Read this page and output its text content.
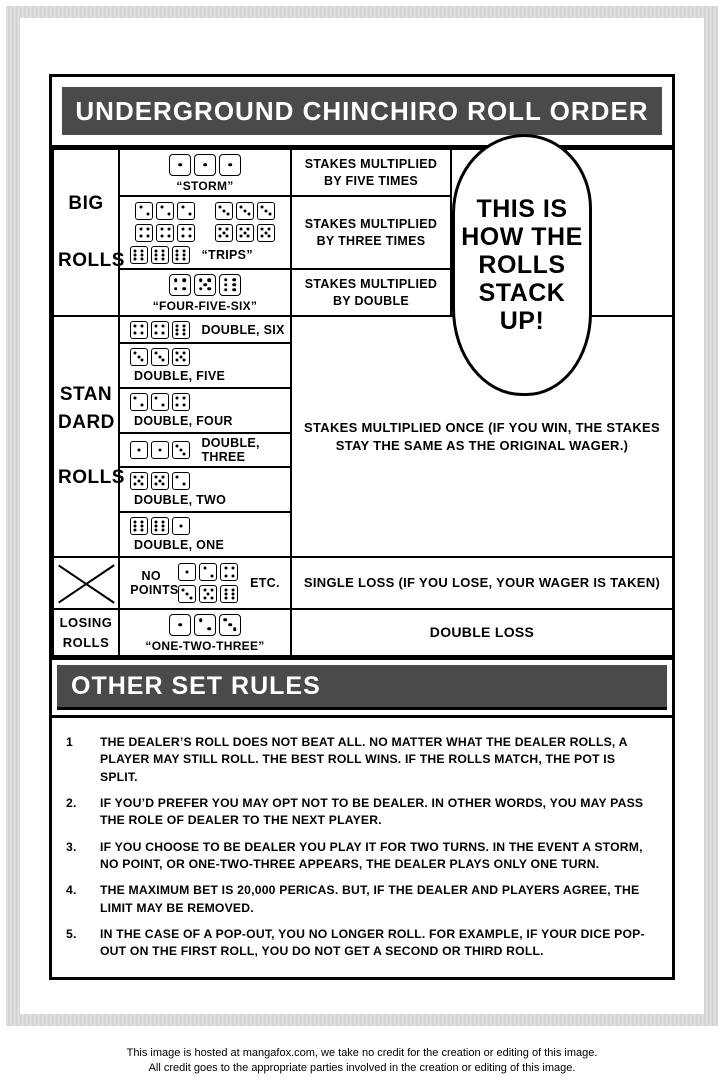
UNDERGROUND CHINCHIRO ROLL ORDER
BIG
ROLLS	“STORM”	STAKES MULTIPLIED BY FIVE TIMES	

“TRIPS”	STAKES MULTIPLIED BY THREE TIMES	

	“FOUR-FIVE-SIX”	STAKES MULTIPLIED BY DOUBLE	

STAN
DARD
ROLLS	DOUBLE, SIX	STAKES MULTIPLIED ONCE (IF YOU WIN, THE STAKES STAY THE SAME AS THE ORIGINAL WAGER.)	

DOUBLE, FIVE		

DOUBLE, FOUR		

DOUBLE, THREE		

DOUBLE, TWO		

DOUBLE, ONE		

	NO POINTS ETC.	SINGLE LOSS (IF YOU LOSE, YOUR WAGER IS TAKEN)	

LOSING
ROLLS	“ONE-TWO-THREE”	DOUBLE LOSS	
OTHER SET RULES
1	THE DEALER’S ROLL DOES NOT BEAT ALL. NO MATTER WHAT THE DEALER ROLLS, A PLAYER MAY STILL ROLL. THE BEST ROLL WINS. IF THE ROLLS MATCH, THE POT IS SPLIT.
2.	IF YOU’D PREFER YOU MAY OPT NOT TO BE DEALER. IN OTHER WORDS, YOU MAY PASS THE ROLE OF DEALER TO THE NEXT PLAYER.
3.	IF YOU CHOOSE TO BE DEALER YOU PLAY IT FOR TWO TURNS. IN THE EVENT A STORM, NO POINT, OR ONE-TWO-THREE APPEARS, THE DEALER PLAYS ONLY ONE TURN.
4.	THE MAXIMUM BET IS 20,000 PERICAS. BUT, IF THE DEALER AND PLAYERS AGREE, THE LIMIT MAY BE REMOVED.
5.	IN THE CASE OF A POP-OUT, YOU NO LONGER ROLL. FOR EXAMPLE, IF YOUR DICE POP-OUT ON THE FIRST ROLL, YOU DO NOT GET A SECOND OR THIRD ROLL.
THIS IS HOW THE ROLLS STACK UP!
This image is hosted at mangafox.com, we take no credit for the creation or editing of this image.
All credit goes to the appropriate parties involved in the creation or editing of this image.
